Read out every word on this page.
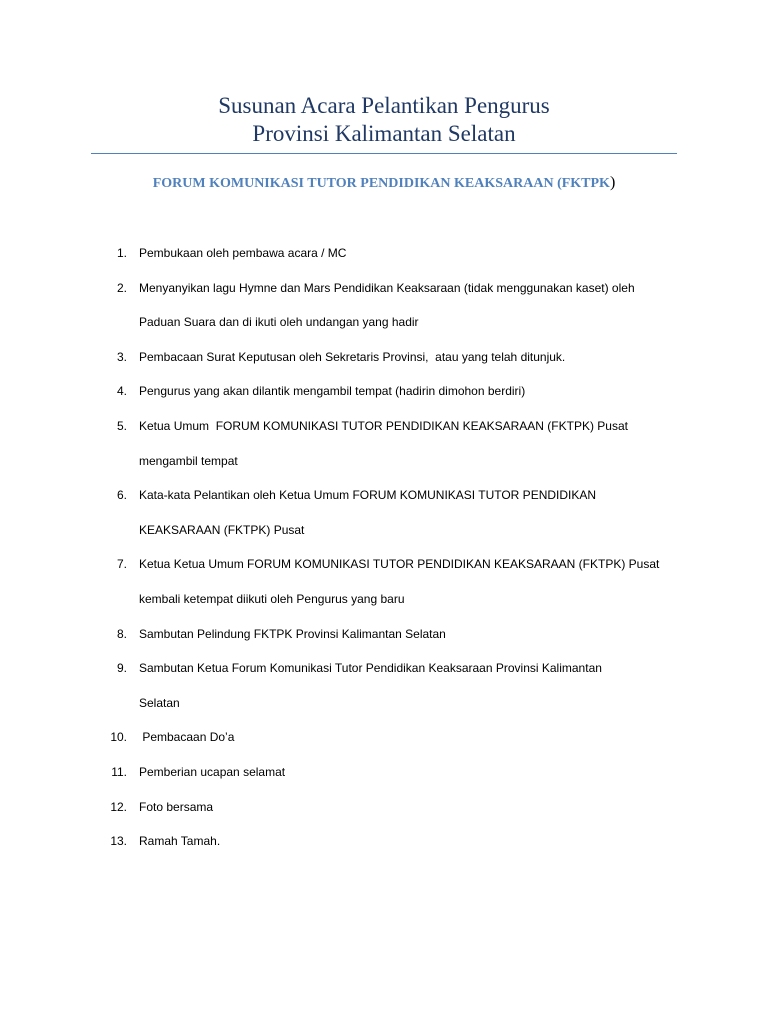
Susunan Acara Pelantikan Pengurus
Provinsi Kalimantan Selatan
FORUM KOMUNIKASI TUTOR PENDIDIKAN KEAKSARAAN (FKTPK)
1. Pembukaan oleh pembawa acara / MC
2. Menyanyikan lagu Hymne dan Mars Pendidikan Keaksaraan (tidak menggunakan kaset) oleh
Paduan Suara dan di ikuti oleh undangan yang hadir
3. Pembacaan Surat Keputusan oleh Sekretaris Provinsi,  atau yang telah ditunjuk.
4. Pengurus yang akan dilantik mengambil tempat (hadirin dimohon berdiri)
5. Ketua Umum  FORUM KOMUNIKASI TUTOR PENDIDIKAN KEAKSARAAN (FKTPK) Pusat
mengambil tempat
6. Kata-kata Pelantikan oleh Ketua Umum FORUM KOMUNIKASI TUTOR PENDIDIKAN
KEAKSARAAN (FKTPK) Pusat
7. Ketua Ketua Umum FORUM KOMUNIKASI TUTOR PENDIDIKAN KEAKSARAAN (FKTPK) Pusat
kembali ketempat diikuti oleh Pengurus yang baru
8. Sambutan Pelindung FKTPK Provinsi Kalimantan Selatan
9. Sambutan Ketua Forum Komunikasi Tutor Pendidikan Keaksaraan Provinsi Kalimantan
Selatan
10. Pembacaan Do’a
11. Pemberian ucapan selamat
12. Foto bersama
13. Ramah Tamah.
